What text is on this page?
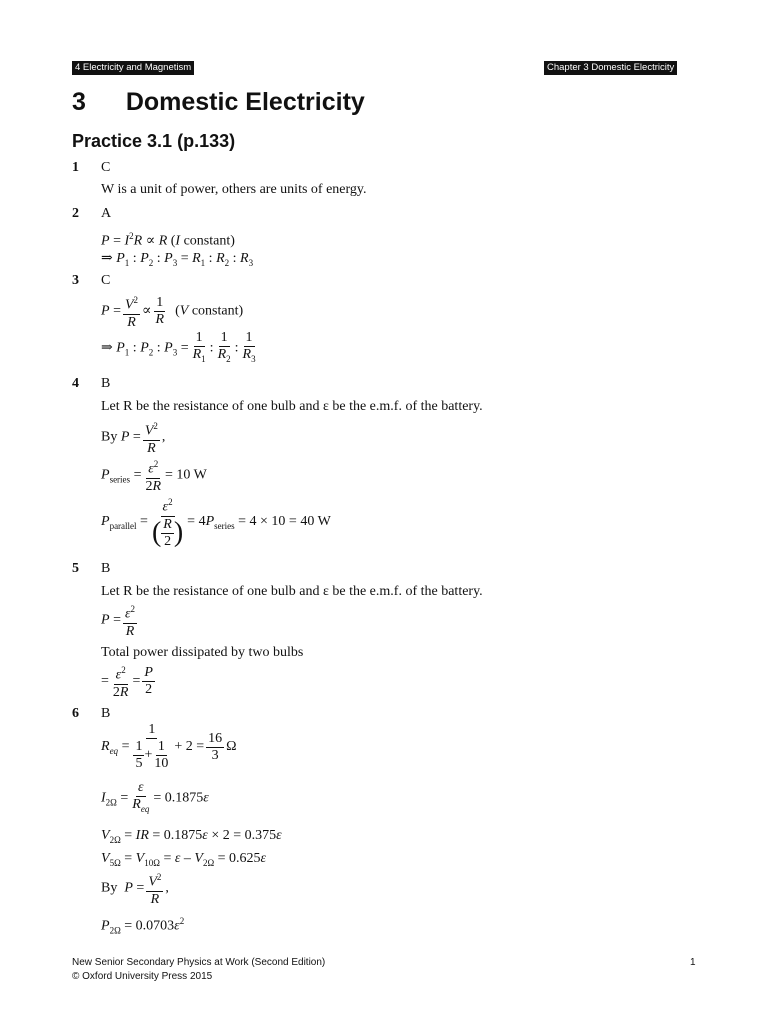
4 Electricity and Magnetism	Chapter 3 Domestic Electricity
3 Domestic Electricity
Practice 3.1 (p.133)
1 C
W is a unit of power, others are units of energy.
2 A
$P = I^2R \propto R$ (I constant)
⇒ $P_1$ : $P_2$ : $P_3 = R_1$ : $R_2$ : $R_3$
3 C
$P = \frac{V^2}{R} \propto \frac{1}{R} (V$ constant)
⇒ $P_1$ : $P_2$ : $P_3 = \frac{1}{R_1}$ : $\frac{1}{R_2}$ : $\frac{1}{R_3}$
4 B
Let R be the resistance of one bulb and ε be the e.m.f. of the battery.
By $P = \frac{V^2}{R}$ ,
$P_{series} = \frac{\varepsilon^2}{2R} = 10$ W
$P_{parallel} = \frac{\varepsilon^2}{( \frac{R}{2} )} = 4P_{series} = 4 \times 10 = 40$ W
5 B
Let R be the resistance of one bulb and ε be the e.m.f. of the battery.
$P = \frac{\varepsilon^2}{R}$
Total power dissipated by two bulbs
= $\frac{\varepsilon^2}{2R} = \frac{P}{2}$
6 B
$R_{eq} = \frac{1}{\frac{1}{5} + \frac{1}{10}} + 2 = \frac{16}{3}$ Ω
$I_{2\Omega} = \frac{\varepsilon}{R_{eq}} = 0.1875\varepsilon$
$V_{2\Omega}$ = IR = 0.1875ε × 2 = 0.375ε
$V_{5\Omega} = V_{10\Omega} = \varepsilon - V_{2\Omega} = 0.625\varepsilon$
By $P = \frac{V^2}{R}$ ,
$P_{2\Omega} = 0.0703\varepsilon^2$
New Senior Secondary Physics at Work (Second Edition)
© Oxford University Press 2015
1
